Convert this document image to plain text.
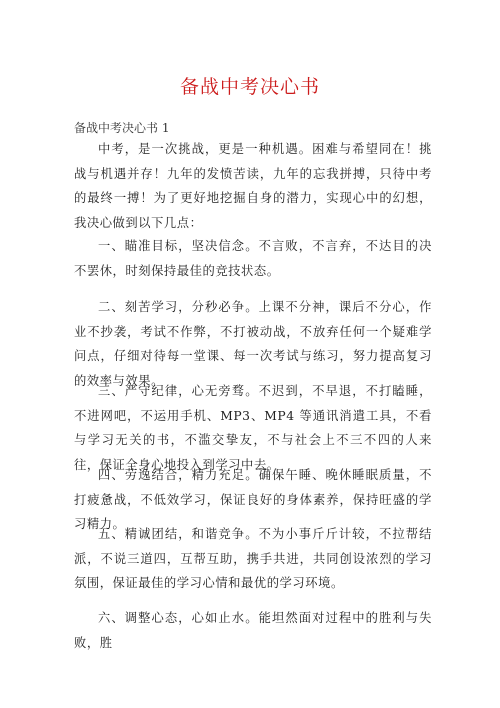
备战中考决心书
备战中考决心书 1

中考，是一次挑战，更是一种机遇。困难与希望同在！挑战与机遇并存！九年的发愤苦读，九年的忘我拼搏，只待中考的最终一搏！为了更好地挖掘自身的潜力，实现心中的幻想，我决心做到以下几点：

一、瞄准目标，坚决信念。不言败，不言弃，不达目的决不罢休，时刻保持最佳的竞技状态。

二、刻苦学习，分秒必争。上课不分神，课后不分心，作业不抄袭，考试不作弊，不打被动战，不放弃任何一个疑难学问点，仔细对待每一堂课、每一次考试与练习，努力提高复习的效率与效果。

三、严守纪律，心无旁骛。不迟到，不早退，不打瞌睡，不进网吧，不运用手机、MP3、MP4 等通讯消遣工具，不看与学习无关的书，不滥交挚友，不与社会上不三不四的人来往，保证全身心地投入到学习中去。

四、劳逸结合，精力充足。确保午睡、晚休睡眠质量，不打疲惫战，不低效学习，保证良好的身体素养，保持旺盛的学习精力。

五、精诚团结，和谐竞争。不为小事斤斤计较，不拉帮结派，不说三道四，互帮互助，携手共进，共同创设浓烈的学习氛围，保证最佳的学习心情和最优的学习环境。

六、调整心态，心如止水。能坦然面对过程中的胜利与失败，胜
